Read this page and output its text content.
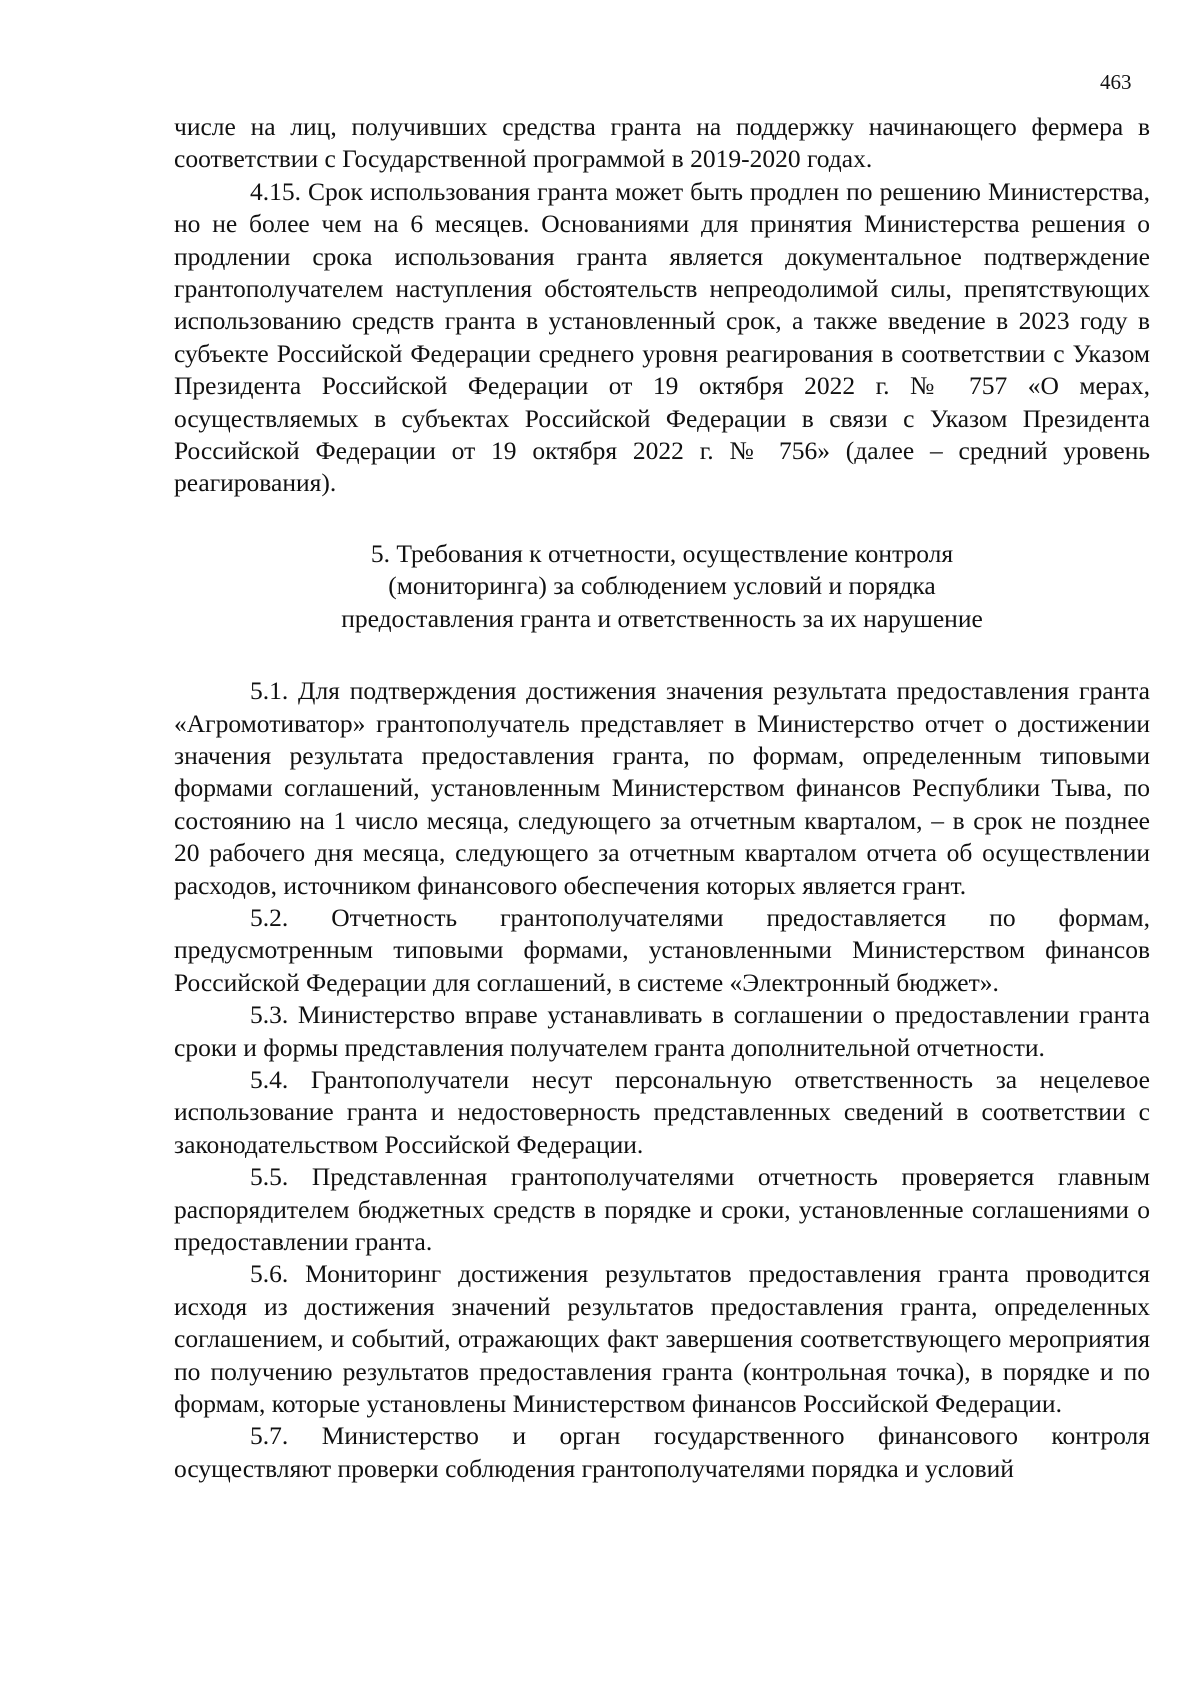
463

числе на лиц, получивших средства гранта на поддержку начинающего фермера в соответствии с Государственной программой в 2019-2020 годах.

4.15. Срок использования гранта может быть продлен по решению Министерства, но не более чем на 6 месяцев. Основаниями для принятия Министерства решения о продлении срока использования гранта является документальное подтверждение грантополучателем наступления обстоятельств непреодолимой силы, препятствующих использованию средств гранта в установленный срок, а также введение в 2023 году в субъекте Российской Федерации среднего уровня реагирования в соответствии с Указом Президента Российской Федерации от 19 октября 2022 г. № 757 «О мерах, осуществляемых в субъектах Российской Федерации в связи с Указом Президента Российской Федерации от 19 октября 2022 г. № 756» (далее – средний уровень реагирования).

5. Требования к отчетности, осуществление контроля
(мониторинга) за соблюдением условий и порядка
предоставления гранта и ответственность за их нарушение

5.1. Для подтверждения достижения значения результата предоставления гранта «Агромотиватор» грантополучатель представляет в Министерство отчет о достижении значения результата предоставления гранта, по формам, определенным типовыми формами соглашений, установленным Министерством финансов Республики Тыва, по состоянию на 1 число месяца, следующего за отчетным кварталом, – в срок не позднее 20 рабочего дня месяца, следующего за отчетным кварталом отчета об осуществлении расходов, источником финансового обеспечения которых является грант.

5.2. Отчетность грантополучателями предоставляется по формам, предусмотренным типовыми формами, установленными Министерством финансов Российской Федерации для соглашений, в системе «Электронный бюджет».

5.3. Министерство вправе устанавливать в соглашении о предоставлении гранта сроки и формы представления получателем гранта дополнительной отчетности.

5.4. Грантополучатели несут персональную ответственность за нецелевое использование гранта и недостоверность представленных сведений в соответствии с законодательством Российской Федерации.

5.5. Представленная грантополучателями отчетность проверяется главным распорядителем бюджетных средств в порядке и сроки, установленные соглашениями о предоставлении гранта.

5.6. Мониторинг достижения результатов предоставления гранта проводится исходя из достижения значений результатов предоставления гранта, определенных соглашением, и событий, отражающих факт завершения соответствующего мероприятия по получению результатов предоставления гранта (контрольная точка), в порядке и по формам, которые установлены Министерством финансов Российской Федерации.

5.7. Министерство и орган государственного финансового контроля осуществляют проверки соблюдения грантополучателями порядка и условий
